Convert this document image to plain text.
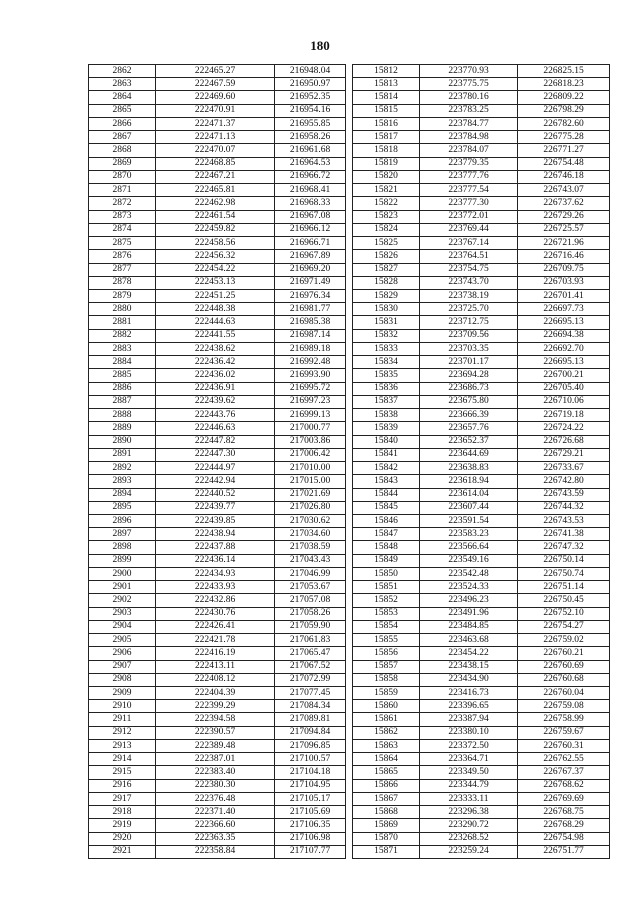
180
2862	222465.27	216948.04
2863	222467.59	216950.97
2864	222469.60	216952.35
2865	222470.91	216954.16
2866	222471.37	216955.85
2867	222471.13	216958.26
2868	222470.07	216961.68
2869	222468.85	216964.53
2870	222467.21	216966.72
2871	222465.81	216968.41
2872	222462.98	216968.33
2873	222461.54	216967.08
2874	222459.82	216966.12
2875	222458.56	216966.71
2876	222456.32	216967.89
2877	222454.22	216969.20
2878	222453.13	216971.49
2879	222451.25	216976.34
2880	222448.38	216981.77
2881	222444.63	216985.38
2882	222441.55	216987.14
2883	222438.62	216989.18
2884	222436.42	216992.48
2885	222436.02	216993.90
2886	222436.91	216995.72
2887	222439.62	216997.23
2888	222443.76	216999.13
2889	222446.63	217000.77
2890	222447.82	217003.86
2891	222447.30	217006.42
2892	222444.97	217010.00
2893	222442.94	217015.00
2894	222440.52	217021.69
2895	222439.77	217026.80
2896	222439.85	217030.62
2897	222438.94	217034.60
2898	222437.88	217038.59
2899	222436.14	217043.43
2900	222434.93	217046.99
2901	222433.93	217053.67
2902	222432.86	217057.08
2903	222430.76	217058.26
2904	222426.41	217059.90
2905	222421.78	217061.83
2906	222416.19	217065.47
2907	222413.11	217067.52
2908	222408.12	217072.99
2909	222404.39	217077.45
2910	222399.29	217084.34
2911	222394.58	217089.81
2912	222390.57	217094.84
2913	222389.48	217096.85
2914	222387.01	217100.57
2915	222383.40	217104.18
2916	222380.30	217104.95
2917	222376.48	217105.17
2918	222371.40	217105.69
2919	222366.60	217106.35
2920	222363.35	217106.98
2921	222358.84	217107.77
15812	223770.93	226825.15
15813	223775.75	226818.23
15814	223780.16	226809.22
15815	223783.25	226798.29
15816	223784.77	226782.60
15817	223784.98	226775.28
15818	223784.07	226771.27
15819	223779.35	226754.48
15820	223777.76	226746.18
15821	223777.54	226743.07
15822	223777.30	226737.62
15823	223772.01	226729.26
15824	223769.44	226725.57
15825	223767.14	226721.96
15826	223764.51	226716.46
15827	223754.75	226709.75
15828	223743.70	226703.93
15829	223738.19	226701.41
15830	223725.70	226697.73
15831	223712.75	226695.13
15832	223709.56	226694.38
15833	223703.35	226692.70
15834	223701.17	226695.13
15835	223694.28	226700.21
15836	223686.73	226705.40
15837	223675.80	226710.06
15838	223666.39	226719.18
15839	223657.76	226724.22
15840	223652.37	226726.68
15841	223644.69	226729.21
15842	223638.83	226733.67
15843	223618.94	226742.80
15844	223614.04	226743.59
15845	223607.44	226744.32
15846	223591.54	226743.53
15847	223583.23	226741.38
15848	223566.64	226747.32
15849	223549.16	226750.14
15850	223542.48	226750.74
15851	223524.33	226751.14
15852	223496.23	226750.45
15853	223491.96	226752.10
15854	223484.85	226754.27
15855	223463.68	226759.02
15856	223454.22	226760.21
15857	223438.15	226760.69
15858	223434.90	226760.68
15859	223416.73	226760.04
15860	223396.65	226759.08
15861	223387.94	226758.99
15862	223380.10	226759.67
15863	223372.50	226760.31
15864	223364.71	226762.55
15865	223349.50	226767.37
15866	223344.79	226768.62
15867	223333.11	226769.69
15868	223296.38	226768.75
15869	223290.72	226768.29
15870	223268.52	226754.98
15871	223259.24	226751.77
